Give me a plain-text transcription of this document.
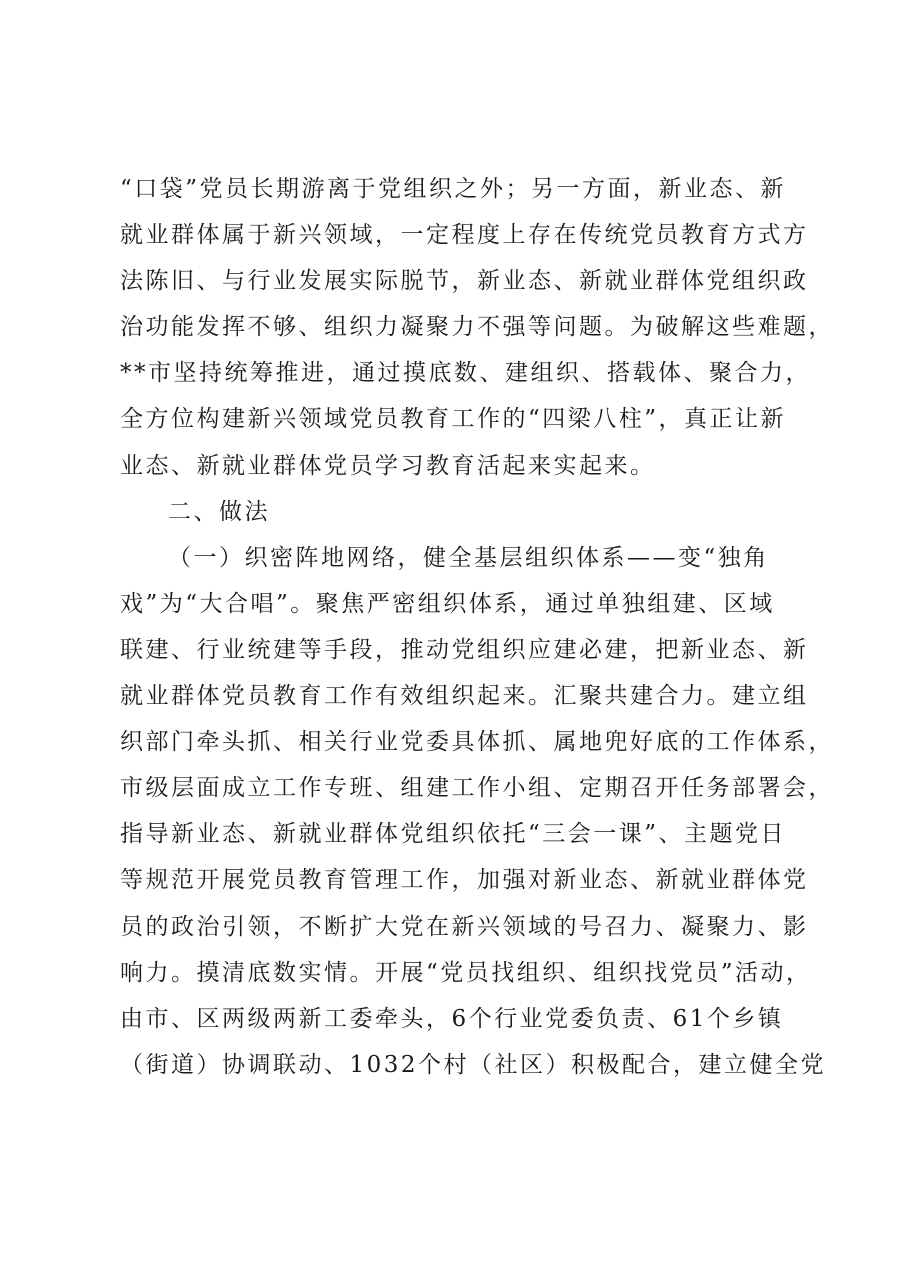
“口袋”党员长期游离于党组织之外；另一方面，新业态、新
就业群体属于新兴领域，一定程度上存在传统党员教育方式方
法陈旧、与行业发展实际脱节，新业态、新就业群体党组织政
治功能发挥不够、组织力凝聚力不强等问题。为破解这些难题，
**市坚持统筹推进，通过摸底数、建组织、搭载体、聚合力，
全方位构建新兴领域党员教育工作的“四梁八柱”，真正让新
业态、新就业群体党员学习教育活起来实起来。
二、做法
（一）织密阵地网络，健全基层组织体系——变“独角
戏”为“大合唱”。聚焦严密组织体系，通过单独组建、区域
联建、行业统建等手段，推动党组织应建必建，把新业态、新
就业群体党员教育工作有效组织起来。汇聚共建合力。建立组
织部门牵头抓、相关行业党委具体抓、属地兜好底的工作体系，
市级层面成立工作专班、组建工作小组、定期召开任务部署会，
指导新业态、新就业群体党组织依托“三会一课”、主题党日
等规范开展党员教育管理工作，加强对新业态、新就业群体党
员的政治引领，不断扩大党在新兴领域的号召力、凝聚力、影
响力。摸清底数实情。开展“党员找组织、组织找党员”活动，
由市、区两级两新工委牵头，6个行业党委负责、61个乡镇
（街道）协调联动、1032个村（社区）积极配合，建立健全党
